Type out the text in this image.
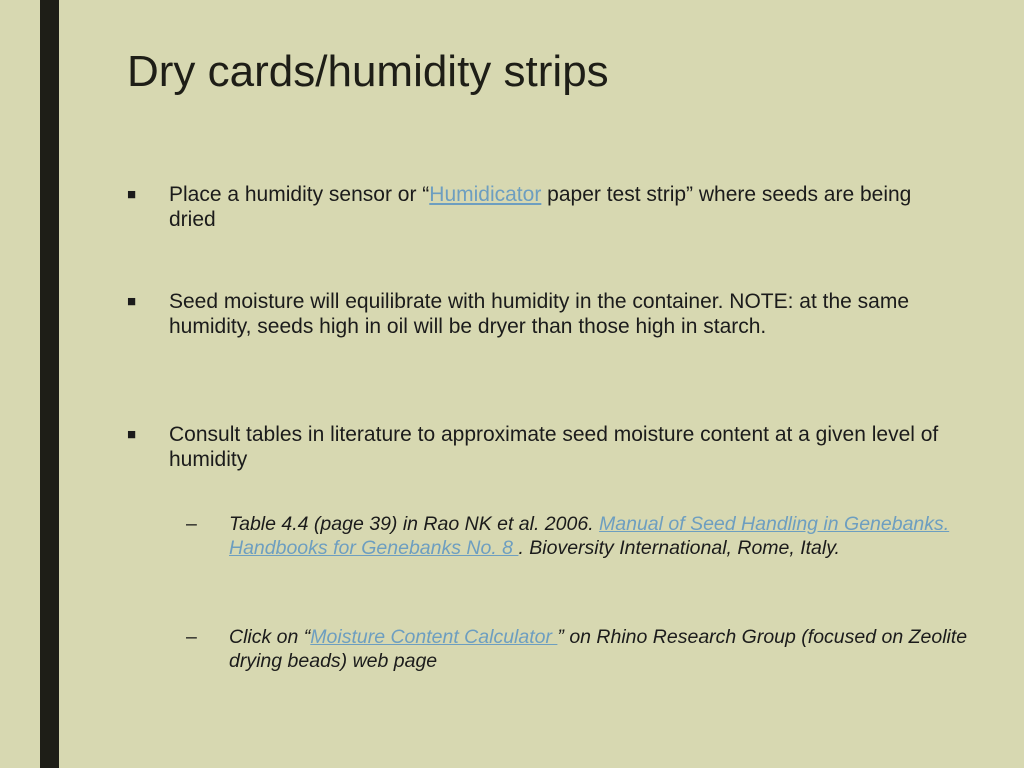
Dry cards/humidity strips
■	Place a humidity sensor or “Humidicator paper test strip” where seeds are being dried
■	Seed moisture will equilibrate with humidity in the container. NOTE: at the same humidity, seeds high in oil will be dryer than those high in starch.
■	Consult tables in literature to approximate seed moisture content at a given level of humidity
– Table 4.4 (page 39) in Rao NK et al. 2006. Manual of Seed Handling in Genebanks. Handbooks for Genebanks No. 8 . Bioversity International, Rome, Italy.
– Click on “Moisture Content Calculator ” on Rhino Research Group (focused on Zeolite drying beads) web page
